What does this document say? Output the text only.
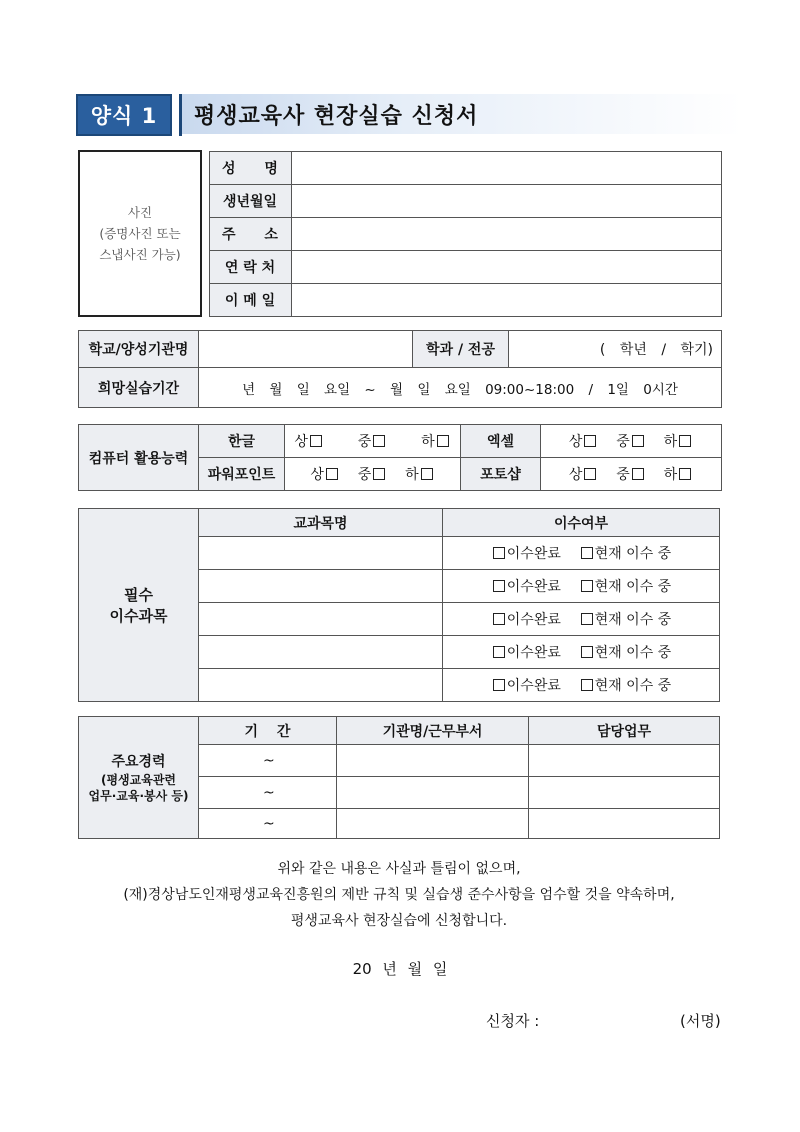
양식 1	평생교육사 현장실습 신청서
사진
(증명사진 또는
스냅사진 가능)		성 명	
		생년월일	
		주 소	
		연 락 처	
		이 메 일	
학교/양성기관명		학과 / 전공	( 학년 / 학기)
희망실습기간	년 월 일 요일 ~ 월 일 요일 09:00~18:00 / 1일 0시간		
컴퓨터 활용능력	한글	상 중 하	엑셀	상 중 하
	파워포인트	상 중 하	포토샵	상 중 하
필수
이수과목	교과목명	이수여부
		이수완료 현재 이수 중
		이수완료 현재 이수 중
		이수완료 현재 이수 중
		이수완료 현재 이수 중
		이수완료 현재 이수 중
주요경력
(평생교육관련
업무·교육·봉사 등)	기 간	기관명/근무부서	담당업무
	~		
	~		
	~		
위와 같은 내용은 사실과 틀림이 없으며,
(재)경상남도인재평생교육진흥원의 제반 규칙 및 실습생 준수사항을 엄수할 것을 약속하며,
평생교육사 현장실습에 신청합니다.
20 년 월 일
신청자 :	(서명)
